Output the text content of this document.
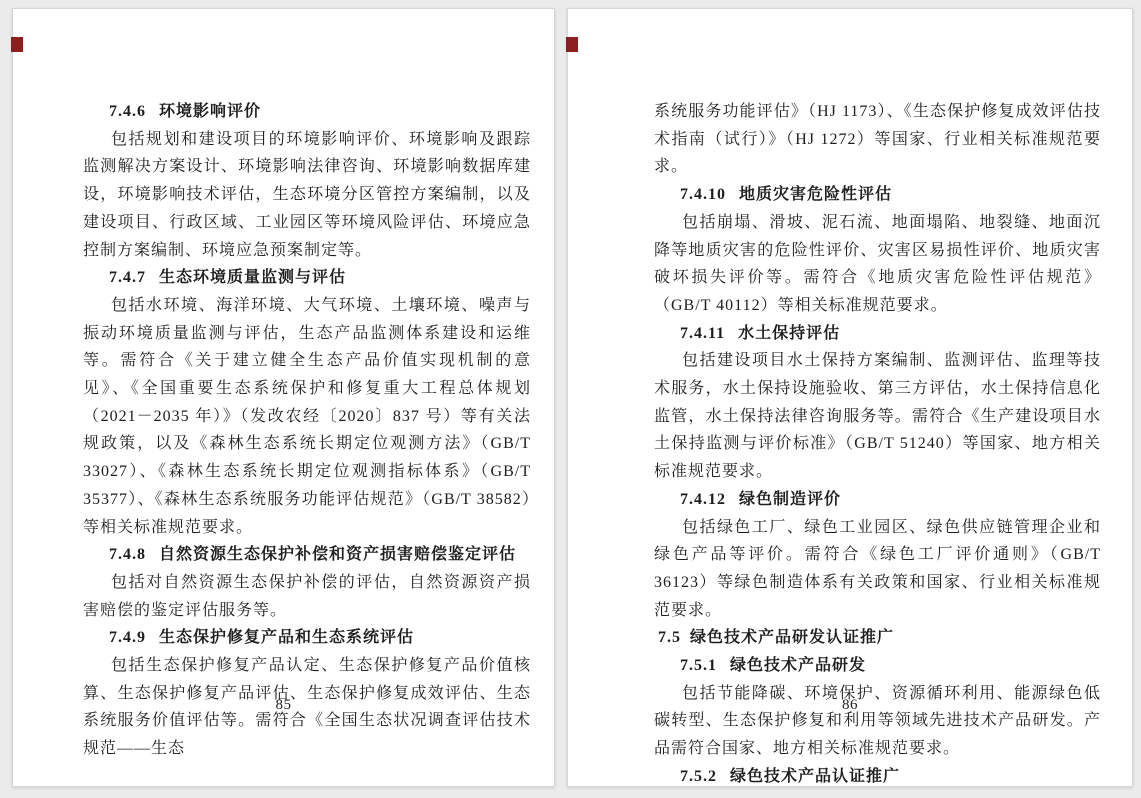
7.4.6 环境影响评价

包括规划和建设项目的环境影响评价、环境影响及跟踪监测解决方案设计、环境影响法律咨询、环境影响数据库建设，环境影响技术评估，生态环境分区管控方案编制，以及建设项目、行政区域、工业园区等环境风险评估、环境应急控制方案编制、环境应急预案制定等。

7.4.7 生态环境质量监测与评估

包括水环境、海洋环境、大气环境、土壤环境、噪声与振动环境质量监测与评估，生态产品监测体系建设和运维等。需符合《关于建立健全生态产品价值实现机制的意见》、《全国重要生态系统保护和修复重大工程总体规划（2021－2035 年）》（发改农经〔2020〕837 号）等有关法规政策，以及《森林生态系统长期定位观测方法》（GB/T 33027）、《森林生态系统长期定位观测指标体系》（GB/T 35377）、《森林生态系统服务功能评估规范》（GB/T 38582）等相关标准规范要求。

7.4.8 自然资源生态保护补偿和资产损害赔偿鉴定评估

包括对自然资源生态保护补偿的评估，自然资源资产损害赔偿的鉴定评估服务等。

7.4.9 生态保护修复产品和生态系统评估

包括生态保护修复产品认定、生态保护修复产品价值核算、生态保护修复产品评估、生态保护修复成效评估、生态系统服务价值评估等。需符合《全国生态状况调查评估技术规范——生态

85

系统服务功能评估》（HJ 1173）、《生态保护修复成效评估技术指南（试行）》（HJ 1272）等国家、行业相关标准规范要求。

7.4.10 地质灾害危险性评估

包括崩塌、滑坡、泥石流、地面塌陷、地裂缝、地面沉降等地质灾害的危险性评价、灾害区易损性评价、地质灾害破坏损失评价等。需符合《地质灾害危险性评估规范》（GB/T 40112）等相关标准规范要求。

7.4.11 水土保持评估

包括建设项目水土保持方案编制、监测评估、监理等技术服务，水土保持设施验收、第三方评估，水土保持信息化监管，水土保持法律咨询服务等。需符合《生产建设项目水土保持监测与评价标准》（GB/T 51240）等国家、地方相关标准规范要求。

7.4.12 绿色制造评价

包括绿色工厂、绿色工业园区、绿色供应链管理企业和绿色产品等评价。需符合《绿色工厂评价通则》（GB/T 36123）等绿色制造体系有关政策和国家、行业相关标准规范要求。

7.5 绿色技术产品研发认证推广
7.5.1 绿色技术产品研发

包括节能降碳、环境保护、资源循环利用、能源绿色低碳转型、生态保护修复和利用等领域先进技术产品研发。产品需符合国家、地方相关标准规范要求。

7.5.2 绿色技术产品认证推广
86
